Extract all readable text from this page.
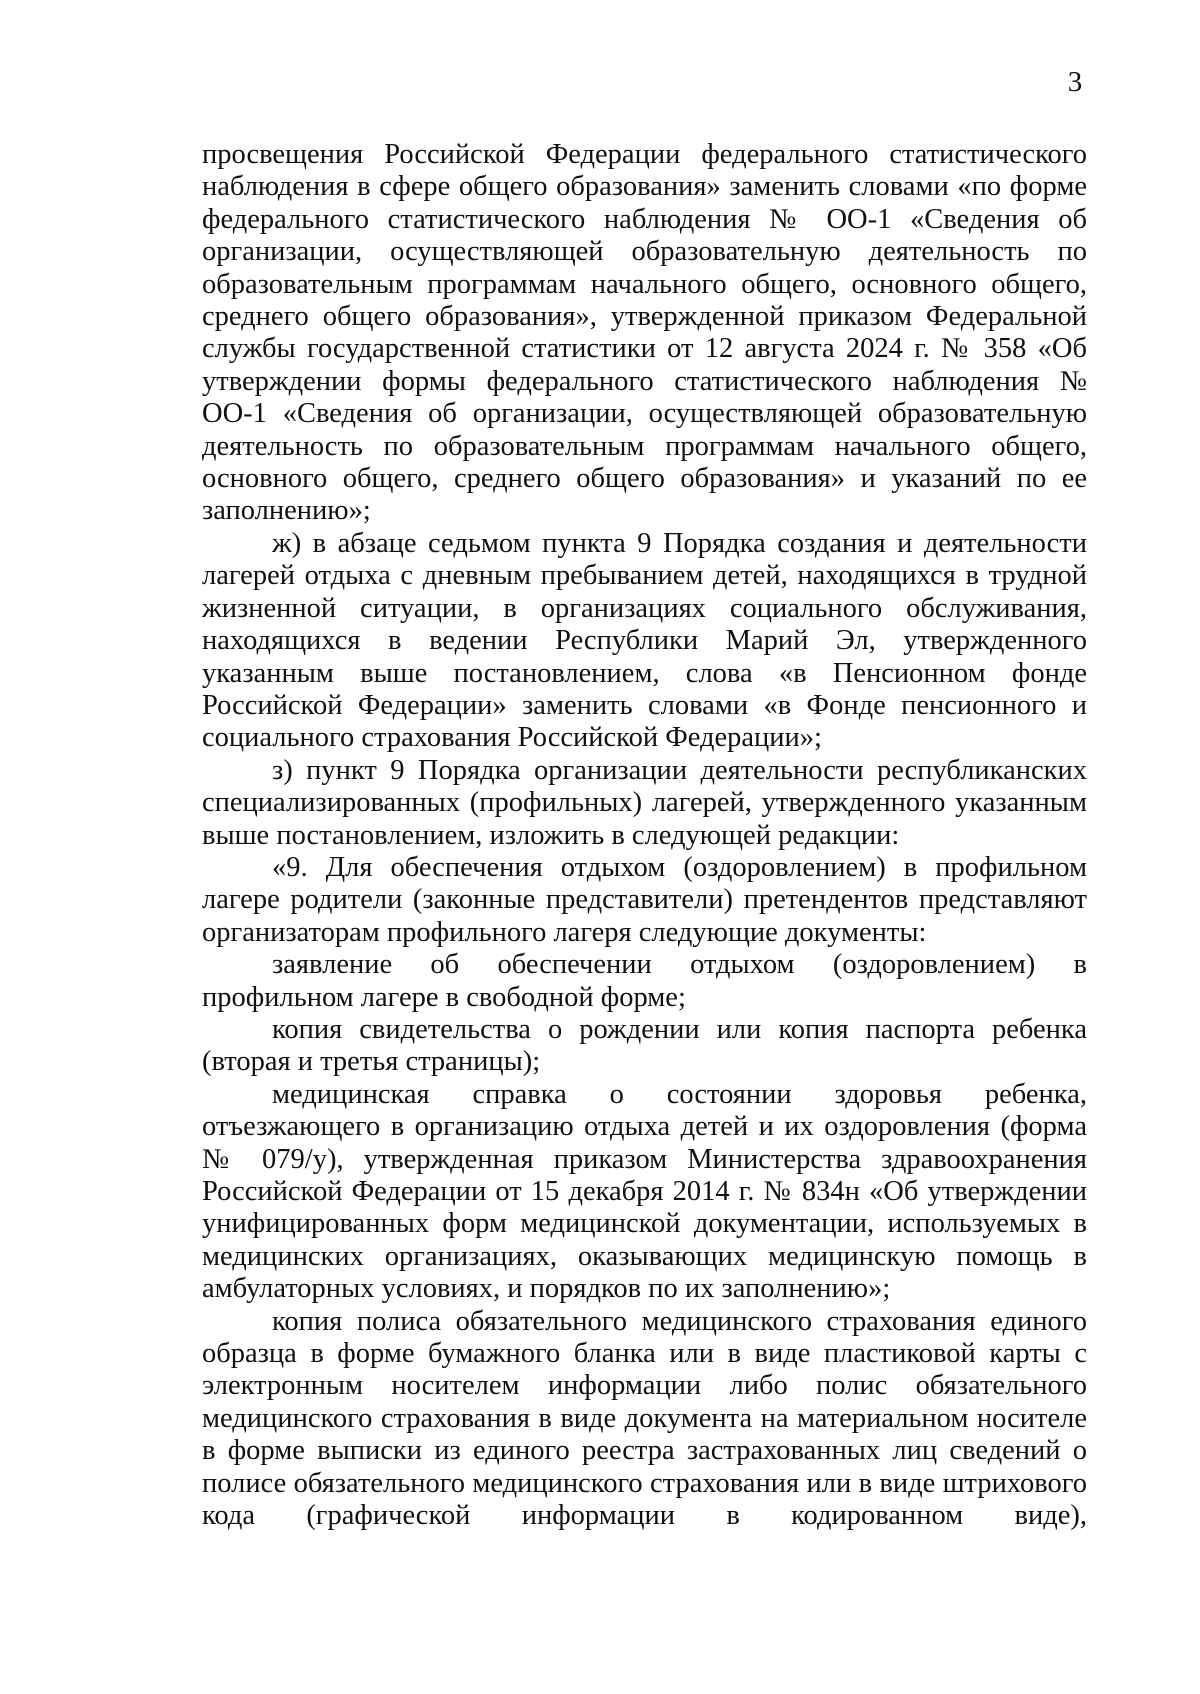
3

просвещения Российской Федерации федерального статистического наблюдения в сфере общего образования» заменить словами «по форме федерального статистического наблюдения № ОО-1 «Сведения об организации, осуществляющей образовательную деятельность по образовательным программам начального общего, основного общего, среднего общего образования», утвержденной приказом Федеральной службы государственной статистики от 12 августа 2024 г. № 358 «Об утверждении формы федерального статистического наблюдения № ОО-1 «Сведения об организации, осуществляющей образовательную деятельность по образовательным программам начального общего, основного общего, среднего общего образования» и указаний по ее заполнению»;

ж) в абзаце седьмом пункта 9 Порядка создания и деятельности лагерей отдыха с дневным пребыванием детей, находящихся в трудной жизненной ситуации, в организациях социального обслуживания, находящихся в ведении Республики Марий Эл, утвержденного указанным выше постановлением, слова «в Пенсионном фонде Российской Федерации» заменить словами «в Фонде пенсионного и социального страхования Российской Федерации»;

з) пункт 9 Порядка организации деятельности республиканских специализированных (профильных) лагерей, утвержденного указанным выше постановлением, изложить в следующей редакции:

«9. Для обеспечения отдыхом (оздоровлением) в профильном лагере родители (законные представители) претендентов представляют организаторам профильного лагеря следующие документы:

заявление об обеспечении отдыхом (оздоровлением) в профильном лагере в свободной форме;

копия свидетельства о рождении или копия паспорта ребенка (вторая и третья страницы);

медицинская справка о состоянии здоровья ребенка, отъезжающего в организацию отдыха детей и их оздоровления (форма № 079/у), утвержденная приказом Министерства здравоохранения Российской Федерации от 15 декабря 2014 г. № 834н «Об утверждении унифицированных форм медицинской документации, используемых в медицинских организациях, оказывающих медицинскую помощь в амбулаторных условиях, и порядков по их заполнению»;

копия полиса обязательного медицинского страхования единого образца в форме бумажного бланка или в виде пластиковой карты с электронным носителем информации либо полис обязательного медицинского страхования в виде документа на материальном носителе в форме выписки из единого реестра застрахованных лиц сведений о полисе обязательного медицинского страхования или в виде штрихового кода (графической информации в кодированном виде),
